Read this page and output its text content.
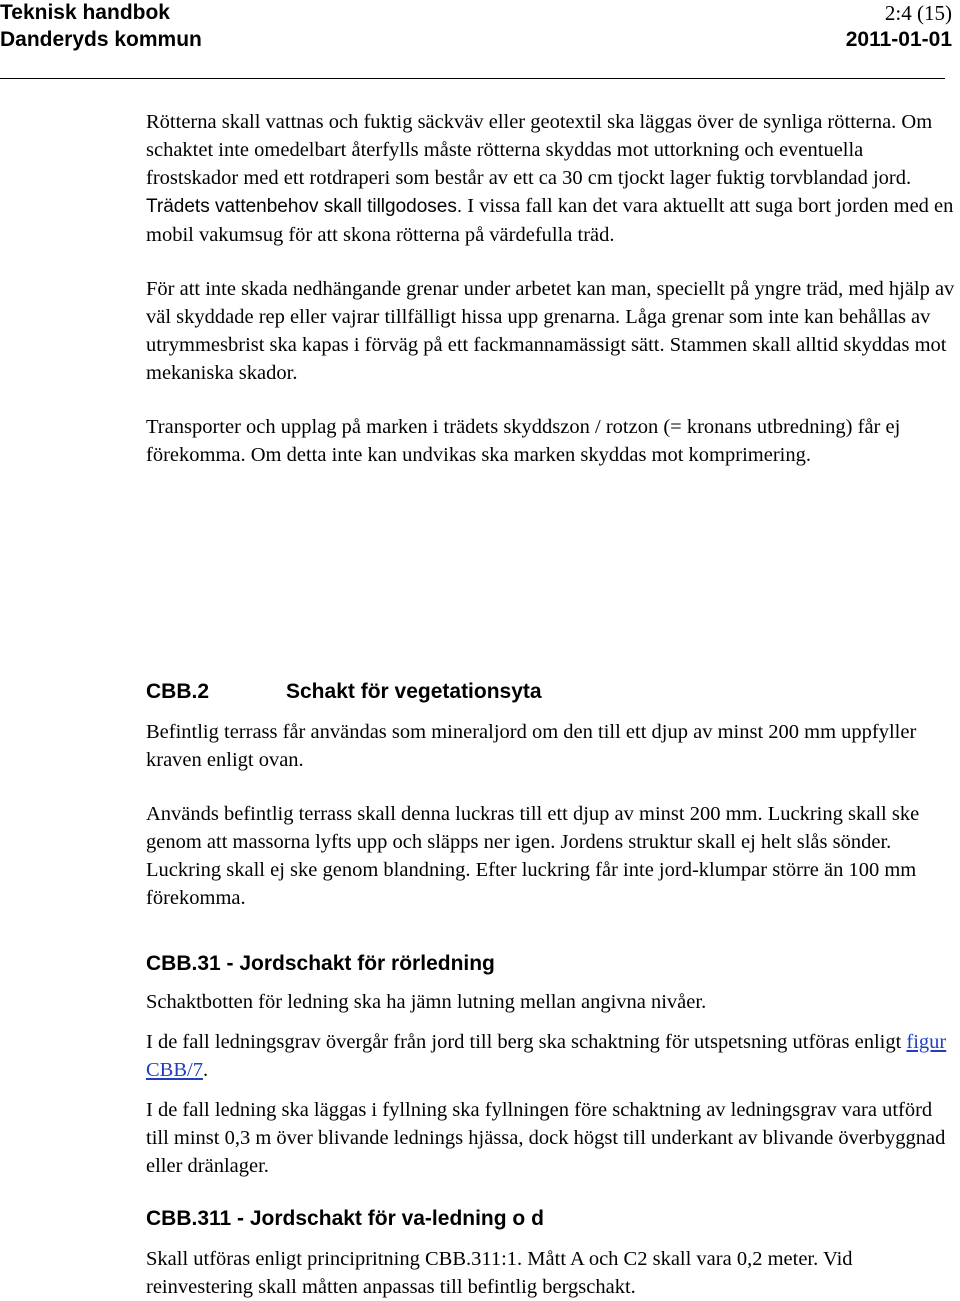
Teknisk handbok
Danderyds kommun
2:4 (15)
2011-01-01

Rötterna skall vattnas och fuktig säckväv eller geotextil ska läggas över de synliga rötterna. Om schaktet inte omedelbart återfylls måste rötterna skyddas mot uttorkning och eventuella frostskador med ett rotdraperi som består av ett ca 30 cm tjockt lager fuktig torvblandad jord. Trädets vattenbehov skall tillgodoses. I vissa fall kan det vara aktuellt att suga bort jorden med en mobil vakumsug för att skona rötterna på värdefulla träd.

För att inte skada nedhängande grenar under arbetet kan man, speciellt på yngre träd, med hjälp av väl skyddade rep eller vajrar tillfälligt hissa upp grenarna. Låga grenar som inte kan behållas av utrymmesbrist ska kapas i förväg på ett fackmannamässigt sätt. Stammen skall alltid skyddas mot mekaniska skador.

Transporter och upplag på marken i trädets skyddszon / rotzon (= kronans utbredning) får ej förekomma. Om detta inte kan undvikas ska marken skyddas mot komprimering.

CBB.2	Schakt för vegetationsyta

Befintlig terrass får användas som mineraljord om den till ett djup av minst 200 mm uppfyller kraven enligt ovan.

Används befintlig terrass skall denna luckras till ett djup av minst 200 mm. Luckring skall ske genom att massorna lyfts upp och släpps ner igen. Jordens struktur skall ej helt slås sönder. Luckring skall ej ske genom blandning. Efter luckring får inte jord-klumpar större än 100 mm förekomma.

CBB.31 - Jordschakt för rörledning

Schaktbotten för ledning ska ha jämn lutning mellan angivna nivåer.

I de fall ledningsgrav övergår från jord till berg ska schaktning för utspetsning utföras enligt figur CBB/7.

I de fall ledning ska läggas i fyllning ska fyllningen före schaktning av ledningsgrav vara utförd till minst 0,3 m över blivande lednings hjässa, dock högst till underkant av blivande överbyggnad eller dränlager.

CBB.311 - Jordschakt för va-ledning o d

Skall utföras enligt principritning CBB.311:1. Mått A och C2 skall vara 0,2 meter. Vid reinvestering skall måtten anpassas till befintlig bergschakt.
